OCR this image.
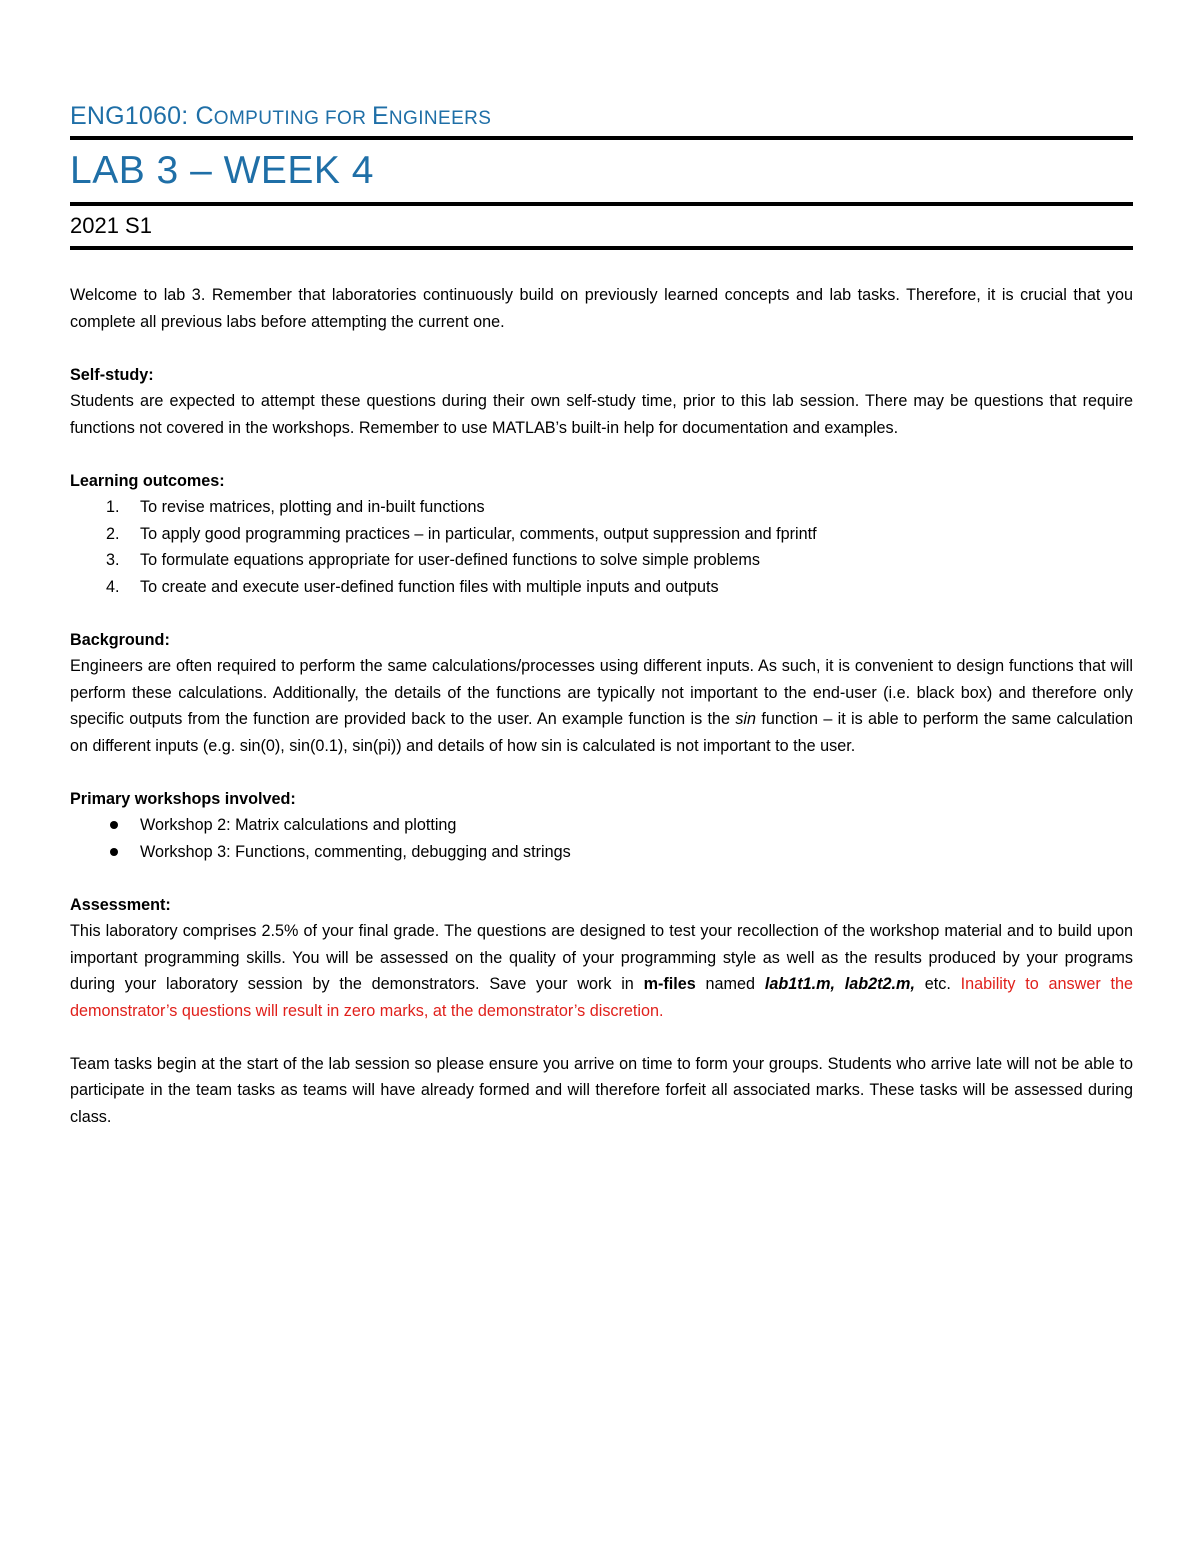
ENG1060: COMPUTING FOR ENGINEERS
LAB 3 – WEEK 4
2021 S1

Welcome to lab 3. Remember that laboratories continuously build on previously learned concepts and lab tasks. Therefore, it is crucial that you complete all previous labs before attempting the current one.

Self-study:

Students are expected to attempt these questions during their own self-study time, prior to this lab session. There may be questions that require functions not covered in the workshops. Remember to use MATLAB’s built-in help for documentation and examples.

Learning outcomes:

1. To revise matrices, plotting and in-built functions
2. To apply good programming practices – in particular, comments, output suppression and fprintf
3. To formulate equations appropriate for user-defined functions to solve simple problems
4. To create and execute user-defined function files with multiple inputs and outputs

Background:

Engineers are often required to perform the same calculations/processes using different inputs. As such, it is convenient to design functions that will perform these calculations. Additionally, the details of the functions are typically not important to the end-user (i.e. black box) and therefore only specific outputs from the function are provided back to the user. An example function is the sin function – it is able to perform the same calculation on different inputs (e.g. sin(0), sin(0.1), sin(pi)) and details of how sin is calculated is not important to the user.

Primary workshops involved:

Workshop 2: Matrix calculations and plotting
Workshop 3: Functions, commenting, debugging and strings

Assessment:

This laboratory comprises 2.5% of your final grade. The questions are designed to test your recollection of the workshop material and to build upon important programming skills. You will be assessed on the quality of your programming style as well as the results produced by your programs during your laboratory session by the demonstrators. Save your work in m-files named lab1t1.m, lab2t2.m, etc. Inability to answer the demonstrator’s questions will result in zero marks, at the demonstrator’s discretion.

Team tasks begin at the start of the lab session so please ensure you arrive on time to form your groups. Students who arrive late will not be able to participate in the team tasks as teams will have already formed and will therefore forfeit all associated marks. These tasks will be assessed during class.
